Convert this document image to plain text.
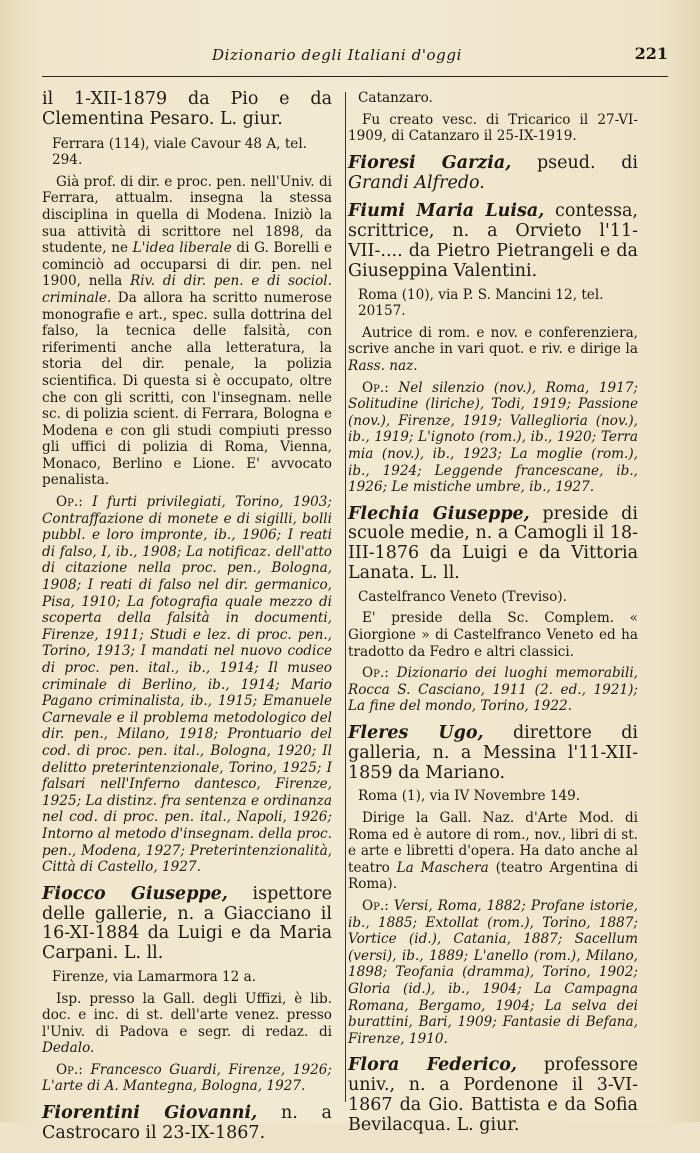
Dizionario degli Italiani d'oggi	221

il 1-XII-1879 da Pio e da Clementina Pesaro. L. giur.

Ferrara (114), viale Cavour 48 A, tel. 294.

Già prof. di dir. e proc. pen. nell'Univ. di Ferrara, attualm. insegna la stessa disciplina in quella di Modena. Iniziò la sua attività di scrittore nel 1898, da studente, ne L'idea liberale di G. Borelli e cominciò ad occuparsi di dir. pen. nel 1900, nella Riv. di dir. pen. e di sociol. criminale. Da allora ha scritto numerose monografie e art., spec. sulla dottrina del falso, la tecnica delle falsità, con riferimenti anche alla letteratura, la storia del dir. penale, la polizia scientifica. Di questa si è occupato, oltre che con gli scritti, con l'insegnam. nelle sc. di polizia scient. di Ferrara, Bologna e Modena e con gli studi compiuti presso gli uffici di polizia di Roma, Vienna, Monaco, Berlino e Lione. E' avvocato penalista.

Op.: I furti privilegiati, Torino, 1903; Contraffazione di monete e di sigilli, bolli pubbl. e loro impronte, ib., 1906; I reati di falso, I, ib., 1908; La notificaz. dell'atto di citazione nella proc. pen., Bologna, 1908; I reati di falso nel dir. germanico, Pisa, 1910; La fotografia quale mezzo di scoperta della falsità in documenti, Firenze, 1911; Studi e lez. di proc. pen., Torino, 1913; I mandati nel nuovo codice di proc. pen. ital., ib., 1914; Il museo criminale di Berlino, ib., 1914; Mario Pagano criminalista, ib., 1915; Emanuele Carnevale e il problema metodologico del dir. pen., Milano, 1918; Prontuario del cod. di proc. pen. ital., Bologna, 1920; Il delitto preterintenzionale, Torino, 1925; I falsari nell'Inferno dantesco, Firenze, 1925; La distinz. fra sentenza e ordinanza nel cod. di proc. pen. ital., Napoli, 1926; Intorno al metodo d'insegnam. della proc. pen., Modena, 1927; Preterintenzionalità, Città di Castello, 1927.

Fiocco Giuseppe, ispettore delle gallerie, n. a Giacciano il 16-XI-1884 da Luigi e da Maria Carpani. L. ll.

Firenze, via Lamarmora 12 a.

Isp. presso la Gall. degli Uffizi, è lib. doc. e inc. di st. dell'arte venez. presso l'Univ. di Padova e segr. di redaz. di Dedalo.

Op.: Francesco Guardi, Firenze, 1926; L'arte di A. Mantegna, Bologna, 1927.

Fiorentini Giovanni, n. a Castrocaro il 23-IX-1867.

Catanzaro.

Fu creato vesc. di Tricarico il 27-VI-1909, di Catanzaro il 25-IX-1919.

Fioresi Garzia, pseud. di Grandi Alfredo.

Fiumi Maria Luisa, contessa, scrittrice, n. a Orvieto l'11-VII-.... da Pietro Pietrangeli e da Giuseppina Valentini.

Roma (10), via P. S. Mancini 12, tel. 20157.

Autrice di rom. e nov. e conferenziera, scrive anche in vari quot. e riv. e dirige la Rass. naz.

Op.: Nel silenzio (nov.), Roma, 1917; Solitudine (liriche), Todi, 1919; Passione (nov.), Firenze, 1919; Valleglioria (nov.), ib., 1919; L'ignoto (rom.), ib., 1920; Terra mia (nov.), ib., 1923; La moglie (rom.), ib., 1924; Leggende francescane, ib., 1926; Le mistiche umbre, ib., 1927.

Flechia Giuseppe, preside di scuole medie, n. a Camogli il 18-III-1876 da Luigi e da Vittoria Lanata. L. ll.

Castelfranco Veneto (Treviso).

E' preside della Sc. Complem. « Giorgione » di Castelfranco Veneto ed ha tradotto da Fedro e altri classici.

Op.: Dizionario dei luoghi memorabili, Rocca S. Casciano, 1911 (2. ed., 1921); La fine del mondo, Torino, 1922.

Fleres Ugo, direttore di galleria, n. a Messina l'11-XII-1859 da Mariano.

Roma (1), via IV Novembre 149.

Dirige la Gall. Naz. d'Arte Mod. di Roma ed è autore di rom., nov., libri di st. e arte e libretti d'opera. Ha dato anche al teatro La Maschera (teatro Argentina di Roma).

Op.: Versi, Roma, 1882; Profane istorie, ib., 1885; Extollat (rom.), Torino, 1887; Vortice (id.), Catania, 1887; Sacellum (versi), ib., 1889; L'anello (rom.), Milano, 1898; Teofania (dramma), Torino, 1902; Gloria (id.), ib., 1904; La Campagna Romana, Bergamo, 1904; La selva dei burattini, Bari, 1909; Fantasie di Befana, Firenze, 1910.

Flora Federico, professore univ., n. a Pordenone il 3-VI-1867 da Gio. Battista e da Sofia Bevilacqua. L. giur.
